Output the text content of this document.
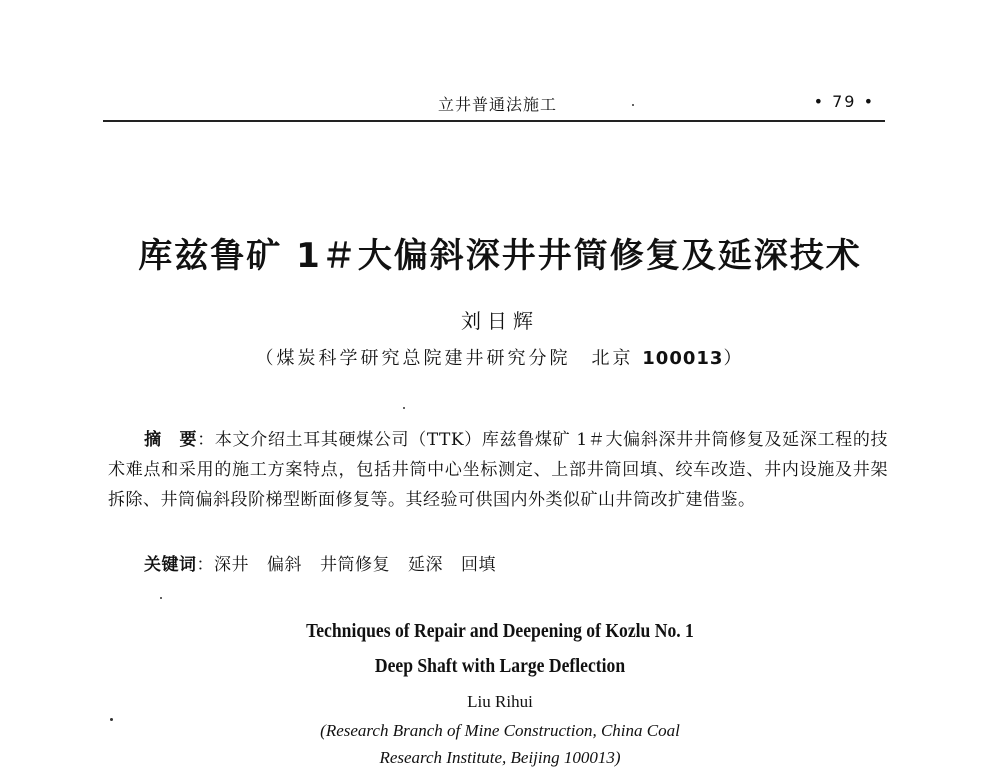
立井普通法施工	• 79 •
库兹鲁矿 1＃大偏斜深井井筒修复及延深技术
刘日辉
（煤炭科学研究总院建井研究分院　北京 100013）
摘　要：本文介绍土耳其硬煤公司（TTK）库兹鲁煤矿 1＃大偏斜深井井筒修复及延深工程的技术难点和采用的施工方案特点，包括井筒中心坐标测定、上部井筒回填、绞车改造、井内设施及井架拆除、井筒偏斜段阶梯型断面修复等。其经验可供国内外类似矿山井筒改扩建借鉴。
关键词：深井 偏斜 井筒修复 延深 回填
Techniques of Repair and Deepening of Kozlu No. 1
Deep Shaft with Large Deflection
Liu Rihui
(Research Branch of Mine Construction, China Coal
Research Institute, Beijing 100013)
